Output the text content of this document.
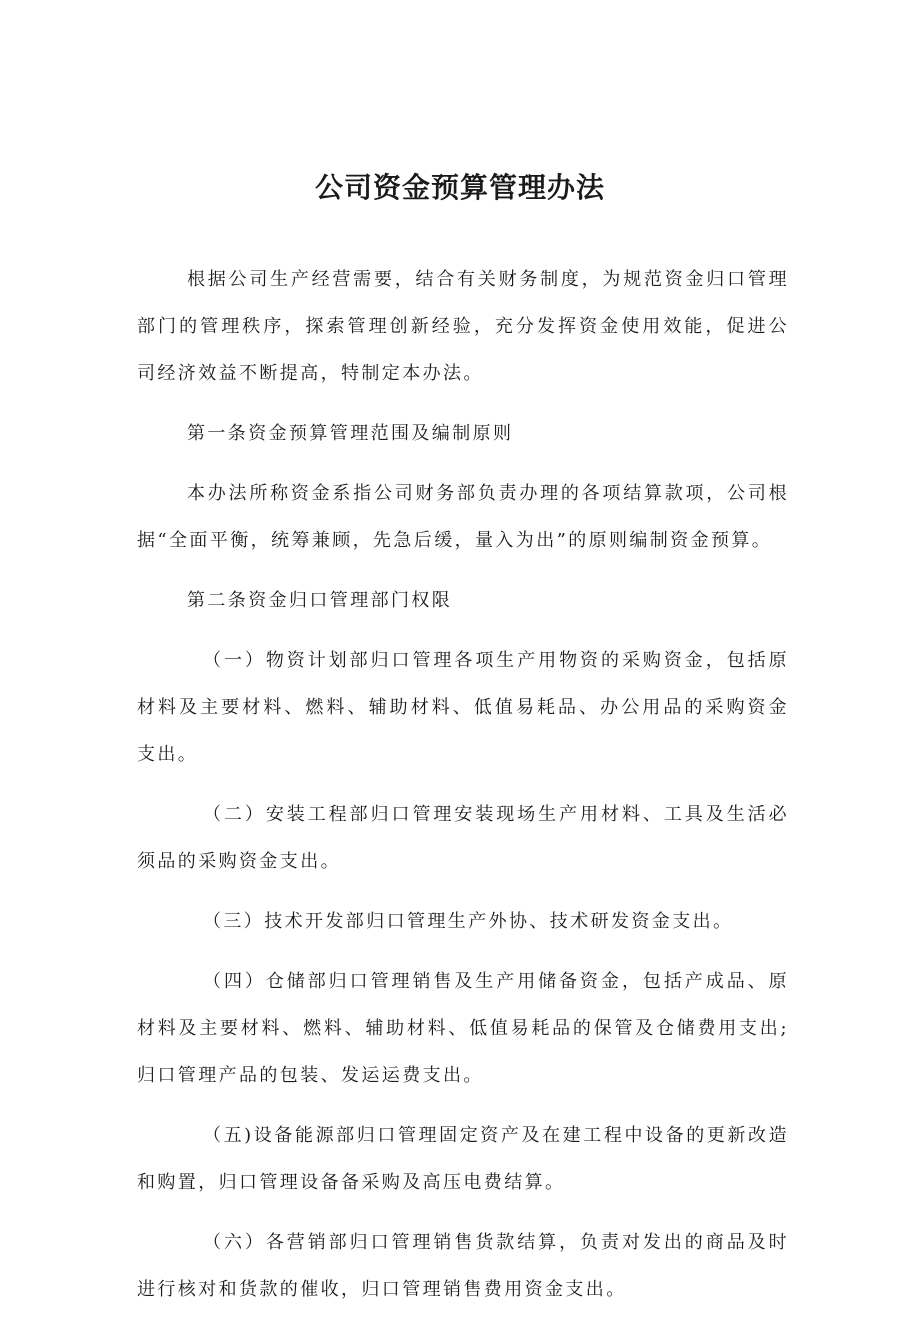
公司资金预算管理办法

根据公司生产经营需要，结合有关财务制度，为规范资金归口管理部门的管理秩序，探索管理创新经验，充分发挥资金使用效能，促进公司经济效益不断提高，特制定本办法。

第一条资金预算管理范围及编制原则

本办法所称资金系指公司财务部负责办理的各项结算款项，公司根据“全面平衡，统筹兼顾，先急后缓，量入为出”的原则编制资金预算。

第二条资金归口管理部门权限

（一）物资计划部归口管理各项生产用物资的采购资金，包括原材料及主要材料、燃料、辅助材料、低值易耗品、办公用品的采购资金支出。

（二）安装工程部归口管理安装现场生产用材料、工具及生活必须品的采购资金支出。

（三）技术开发部归口管理生产外协、技术研发资金支出。

（四）仓储部归口管理销售及生产用储备资金，包括产成品、原材料及主要材料、燃料、辅助材料、低值易耗品的保管及仓储费用支出;归口管理产品的包装、发运运费支出。

（五)设备能源部归口管理固定资产及在建工程中设备的更新改造和购置，归口管理设备备采购及高压电费结算。

（六）各营销部归口管理销售货款结算，负责对发出的商品及时进行核对和货款的催收，归口管理销售费用资金支出。
